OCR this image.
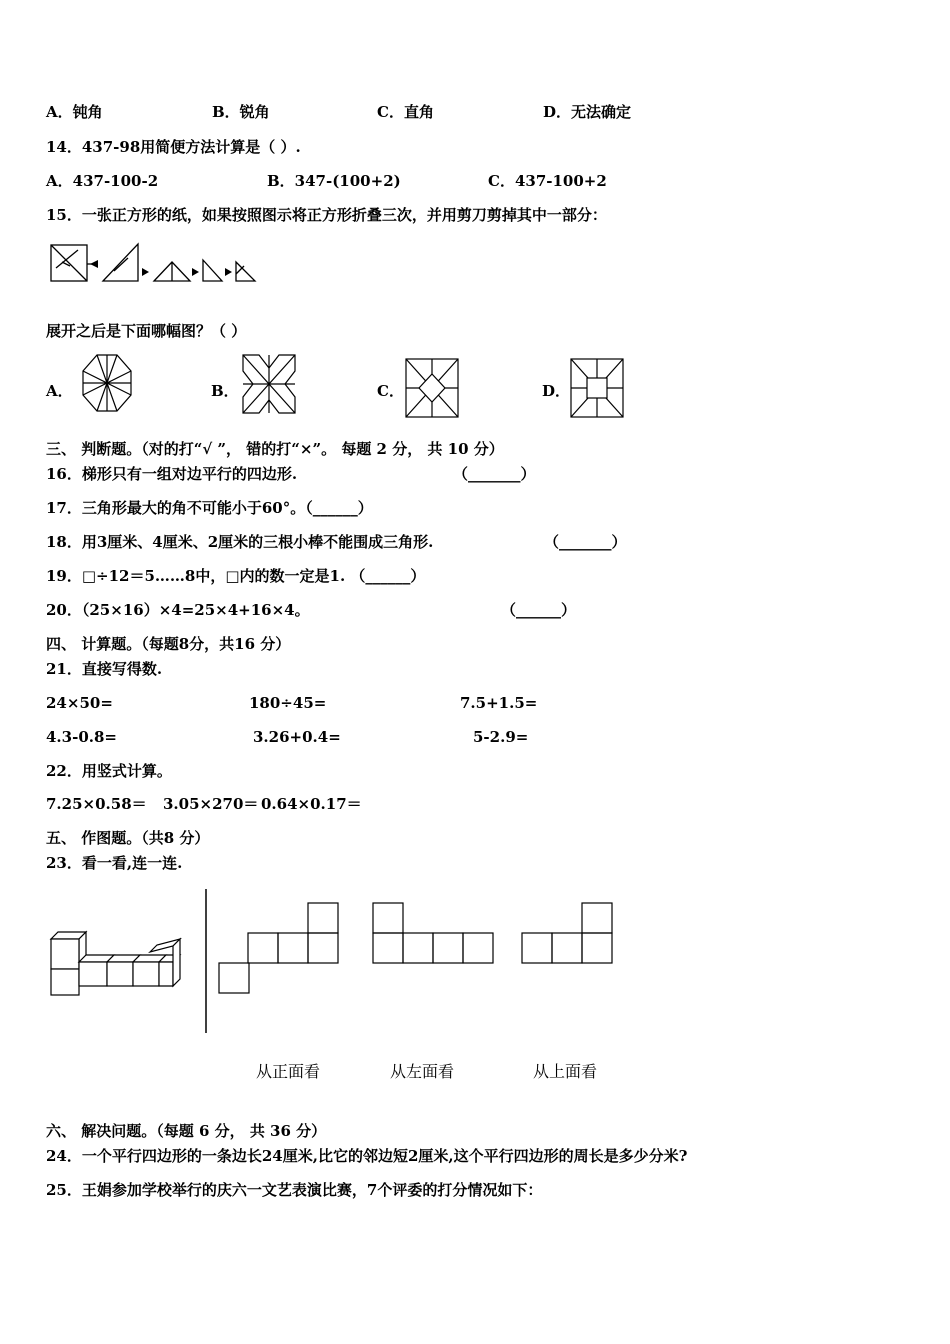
A．钝角	B．锐角	C．直角	D．无法确定
14．437-98用简便方法计算是（ ）.
A．437-100-2	B．347-(100+2)	C．437-100+2
15．一张正方形的纸，如果按照图示将正方形折叠三次，并用剪刀剪掉其中一部分：
展开之后是下面哪幅图？（ ）
A．	B．	C．	D．
三、 判断题。（对的打“√ ”， 错的打“×”。 每题 2 分， 共 10 分）
16．梯形只有一组对边平行的四边形.	（_______）
17．三角形最大的角不可能小于60°。（______）
18．用3厘米、4厘米、2厘米的三根小棒不能围成三角形.	（_______）
19．□÷12＝5……8中，□内的数一定是1. （______）
20．（25×16）×4=25×4+16×4。	（______）
四、 计算题。（每题8分，共16 分）
21．直接写得数.
24×50=	180÷45=	7.5+1.5=
4.3-0.8=	3.26+0.4=	5-2.9=
22．用竖式计算。
7.25×0.58＝ 3.05×270＝ 0.64×0.17＝
五、 作图题。（共8 分）
23．看一看,连一连.
从正面看	从左面看	从上面看
六、 解决问题。（每题 6 分， 共 36 分）
24．一个平行四边形的一条边长24厘米,比它的邻边短2厘米,这个平行四边形的周长是多少分米?
25．王娟参加学校举行的庆六一文艺表演比赛，7个评委的打分情况如下：
